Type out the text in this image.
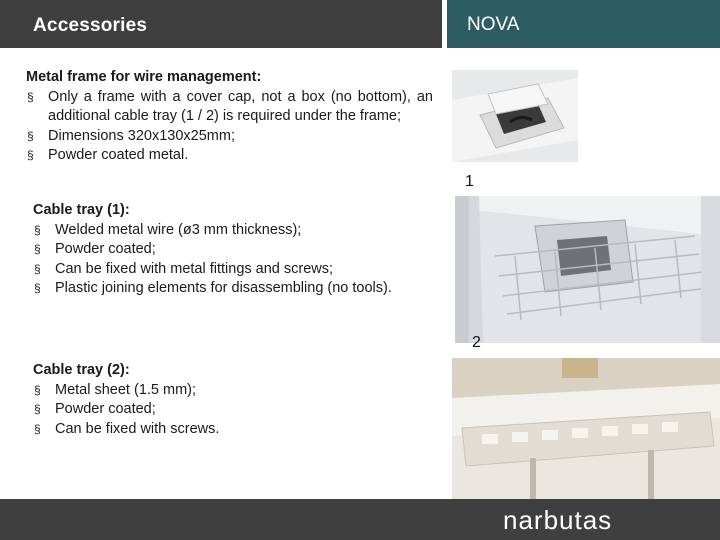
Accessories	NOVA
Metal frame for wire management:
§ Only a frame with a cover cap, not a box (no bottom), an additional cable tray (1 / 2) is required under the frame;
§ Dimensions 320x130x25mm;
§ Powder coated metal.
Cable tray (1):
§ Welded metal wire (ø3 mm thickness);
§ Powder coated;
§ Can be fixed with metal fittings and screws;
§ Plastic joining elements for disassembling (no tools).
Cable tray (2):
§ Metal sheet (1.5 mm);
§ Powder coated;
§ Can be fixed with screws.
1
2
narbutas
